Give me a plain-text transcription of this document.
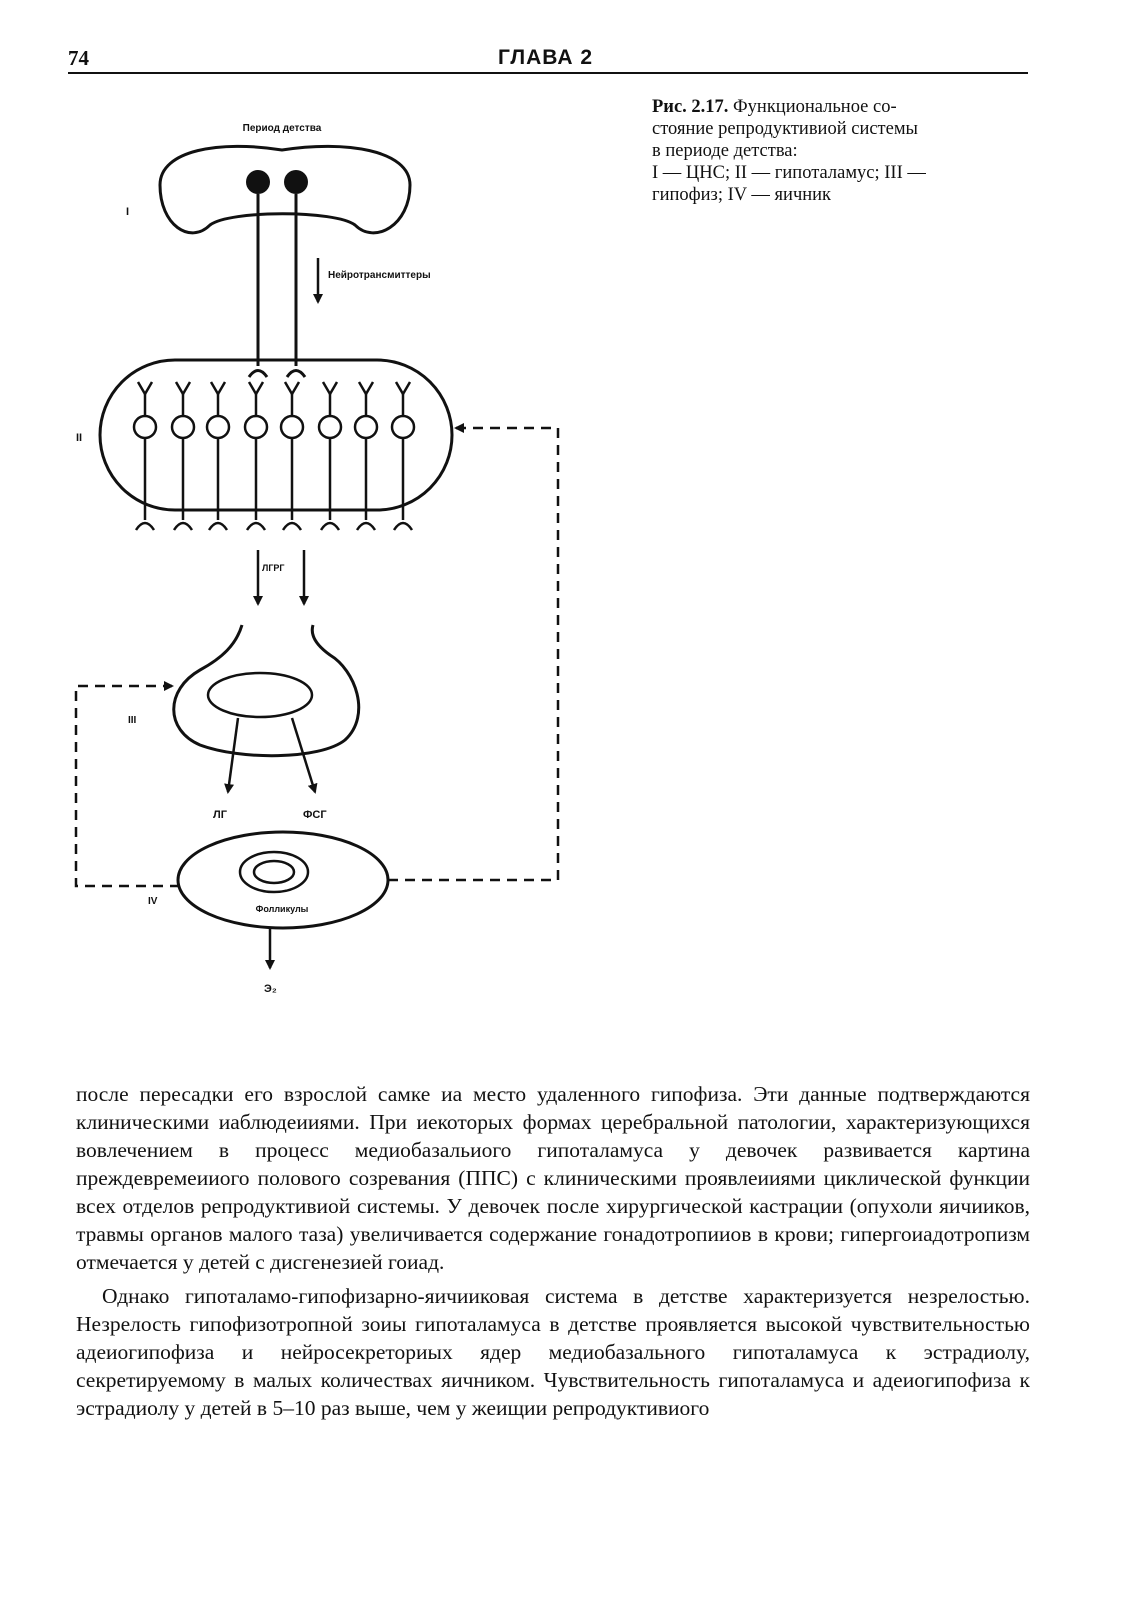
74	ГЛАВА 2
Рис. 2.17. Функциональное со-
стояние репродуктивиой системы
в периоде детства:
I — ЦНС; II — гипоталамус; III —
гипофиз; IV — яичник
Период детства
I
Нейротрансмиттеры
II
ЛГРГ
III
ЛГ	ФСГ
Фолликулы
IV
Э₂

после пересадки его взрослой самке иа место удаленного гипофиза. Эти данные подтверждаются клиническими иаблюдеииями. При иекоторых формах церебральной патологии, характеризующихся вовлечением в процесс медиобазальиого гипоталамуса у девочек развивается картина преждевремеииого полового созревания (ППС) с клиническими проявлеииями циклической функции всех отделов репродуктивиой системы. У девочек после хирургической кастрации (опухоли яичииков, травмы органов малого таза) увеличивается содержание гонадотропииов в крови; гипергоиадотропизм отмечается у детей с дисгенезией гоиад.

Однако гипоталамо-гипофизарно-яичииковая система в детстве характеризуется незрелостью. Незрелость гипофизотропной зоиы гипоталамуса в детстве проявляется высокой чувствительностью адеиогипофиза и нейросекреториых ядер медиобазального гипоталамуса к эстрадиолу, секретируемому в малых количествах яичником. Чувствительность гипоталамуса и адеиогипофиза к эстрадиолу у детей в 5–10 раз выше, чем у жеищии репродуктивиого
